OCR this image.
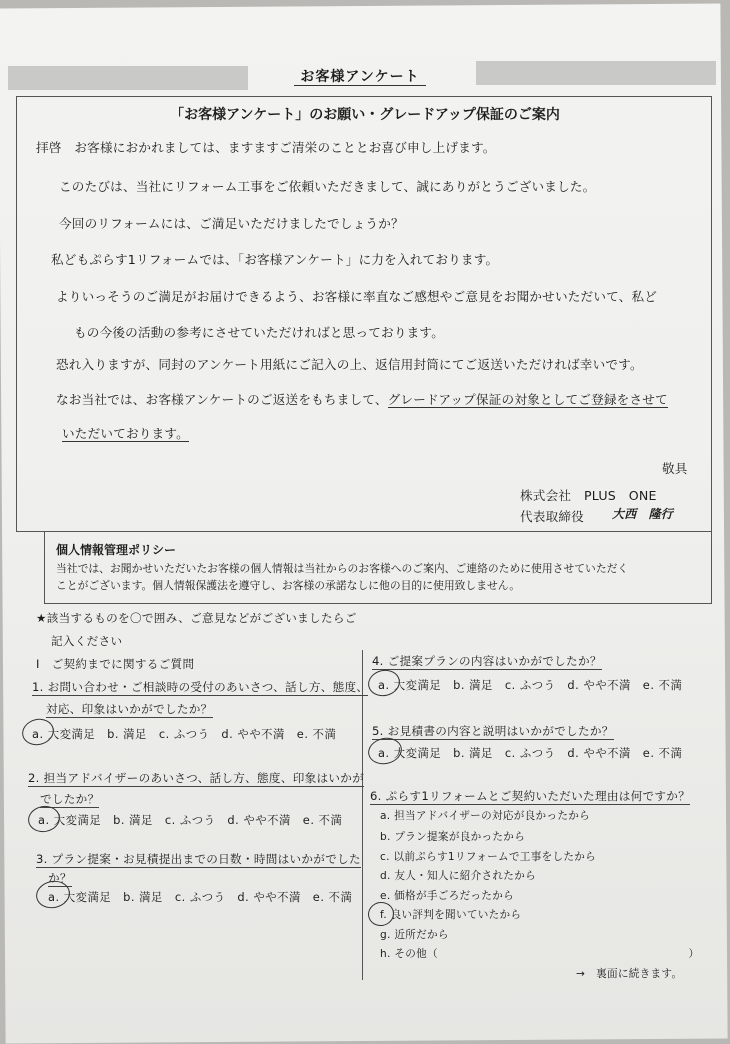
お客様アンケート
「お客様アンケート」のお願い・グレードアップ保証のご案内
拝啓　お客様におかれましては、ますますご清栄のこととお喜び申し上げます。
このたびは、当社にリフォーム工事をご依頼いただきまして、誠にありがとうございました。
今回のリフォームには、ご満足いただけましたでしょうか？
私どもぷらす1リフォームでは、「お客様アンケート」に力を入れております。
よりいっそうのご満足がお届けできるよう、お客様に率直なご感想やご意見をお聞かせいただいて、私ど
もの今後の活動の参考にさせていただければと思っております。
恐れ入りますが、同封のアンケート用紙にご記入の上、返信用封筒にてご返送いただければ幸いです。
なお当社では、お客様アンケートのご返送をもちまして、グレードアップ保証の対象としてご登録をさせて
いただいております。
敬具
株式会社　PLUS　ONE
代表取締役 大西　隆行
個人情報管理ポリシー
当社では、お聞かせいただいたお客様の個人情報は当社からのお客様へのご案内、ご連絡のために使用させていただく
ことがございます。個人情報保護法を遵守し、お客様の承諾なしに他の目的に使用致しません。
★該当するものを〇で囲み、ご意見などがございましたらご
記入ください
Ⅰ　ご契約までに関するご質問
1. お問い合わせ・ご相談時の受付のあいさつ、話し方、態度、
対応、印象はいかがでしたか？
a. 大変満足　b. 満足　c. ふつう　d. やや不満　e. 不満
2. 担当アドバイザーのあいさつ、話し方、態度、印象はいかが
でしたか？
a. 大変満足　b. 満足　c. ふつう　d. やや不満　e. 不満
3. プラン提案・お見積提出までの日数・時間はいかがでした
か？
a. 大変満足　b. 満足　c. ふつう　d. やや不満　e. 不満
4. ご提案プランの内容はいかがでしたか？
a. 大変満足　b. 満足　c. ふつう　d. やや不満　e. 不満
5. お見積書の内容と説明はいかがでしたか？
a. 大変満足　b. 満足　c. ふつう　d. やや不満　e. 不満
6. ぷらす1リフォームとご契約いただいた理由は何ですか？
a. 担当アドバイザーの対応が良かったから
b. プラン提案が良かったから
c. 以前ぷらす1リフォームで工事をしたから
d. 友人・知人に紹介されたから
e. 価格が手ごろだったから
f. 良い評判を聞いていたから
g. 近所だから
h. その他（　　　　　　　　　　　　　　　　　　　　　　　）
→　裏面に続きます。
